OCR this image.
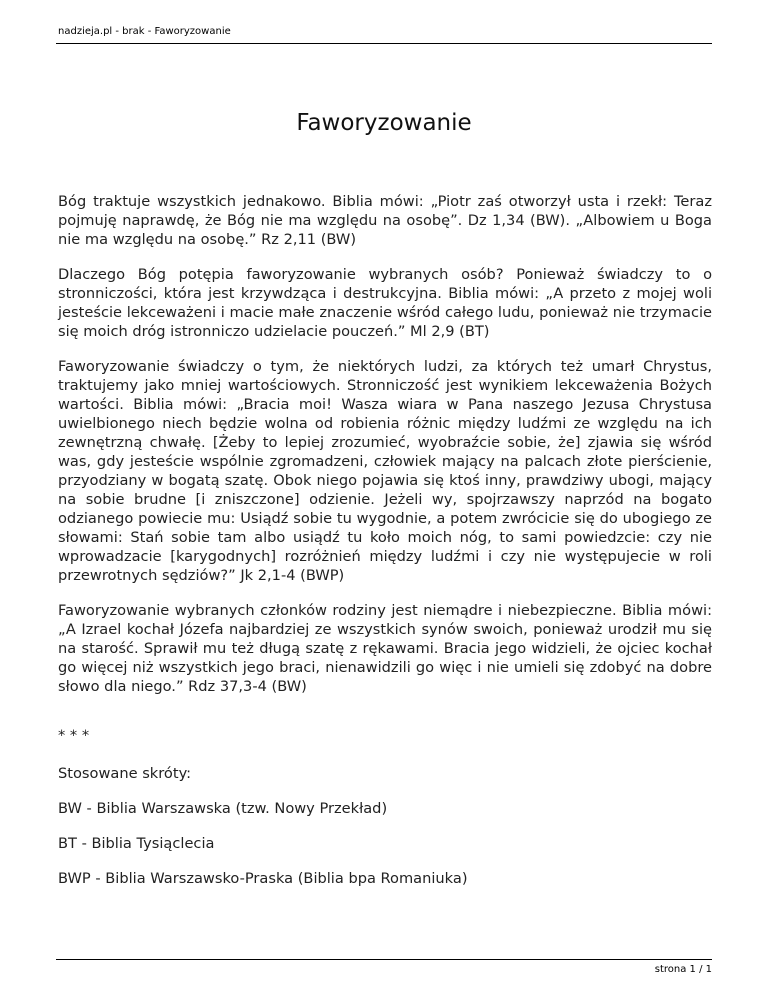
nadzieja.pl - brak - Faworyzowanie
Faworyzowanie

Bóg traktuje wszystkich jednakowo. Biblia mówi: „Piotr zaś otworzył usta i rzekł: Teraz pojmuję naprawdę, że Bóg nie ma względu na osobę”. Dz 1,34 (BW). „Albowiem u Boga nie ma względu na osobę.” Rz 2,11 (BW)

Dlaczego Bóg potępia faworyzowanie wybranych osób? Ponieważ świadczy to o stronniczości, która jest krzywdząca i destrukcyjna. Biblia mówi: „A przeto z mojej woli jesteście lekceważeni i macie małe znaczenie wśród całego ludu, ponieważ nie trzymacie się moich dróg istronniczo udzielacie pouczeń.” Ml 2,9 (BT)

Faworyzowanie świadczy o tym, że niektórych ludzi, za których też umarł Chrystus, traktujemy jako mniej wartościowych. Stronniczość jest wynikiem lekceważenia Bożych wartości. Biblia mówi: „Bracia moi! Wasza wiara w Pana naszego Jezusa Chrystusa uwielbionego niech będzie wolna od robienia różnic między ludźmi ze względu na ich zewnętrzną chwałę. [Żeby to lepiej zrozumieć, wyobraźcie sobie, że] zjawia się wśród was, gdy jesteście wspólnie zgromadzeni, człowiek mający na palcach złote pierścienie, przyodziany w bogatą szatę. Obok niego pojawia się ktoś inny, prawdziwy ubogi, mający na sobie brudne [i zniszczone] odzienie. Jeżeli wy, spojrzawszy naprzód na bogato odzianego powiecie mu: Usiądź sobie tu wygodnie, a potem zwrócicie się do ubogiego ze słowami: Stań sobie tam albo usiądź tu koło moich nóg, to sami powiedzcie: czy nie wprowadzacie [karygodnych] rozróżnień między ludźmi i czy nie występujecie w roli przewrotnych sędziów?” Jk 2,1-4 (BWP)

Faworyzowanie wybranych członków rodziny jest niemądre i niebezpieczne. Biblia mówi: „A Izrael kochał Józefa najbardziej ze wszystkich synów swoich, ponieważ urodził mu się na starość. Sprawił mu też długą szatę z rękawami. Bracia jego widzieli, że ojciec kochał go więcej niż wszystkich jego braci, nienawidzili go więc i nie umieli się zdobyć na dobre słowo dla niego.” Rdz 37,3-4 (BW)

* * *

Stosowane skróty:

BW - Biblia Warszawska (tzw. Nowy Przekład)

BT - Biblia Tysiąclecia

BWP - Biblia Warszawsko-Praska (Biblia bpa Romaniuka)

strona 1 / 1
